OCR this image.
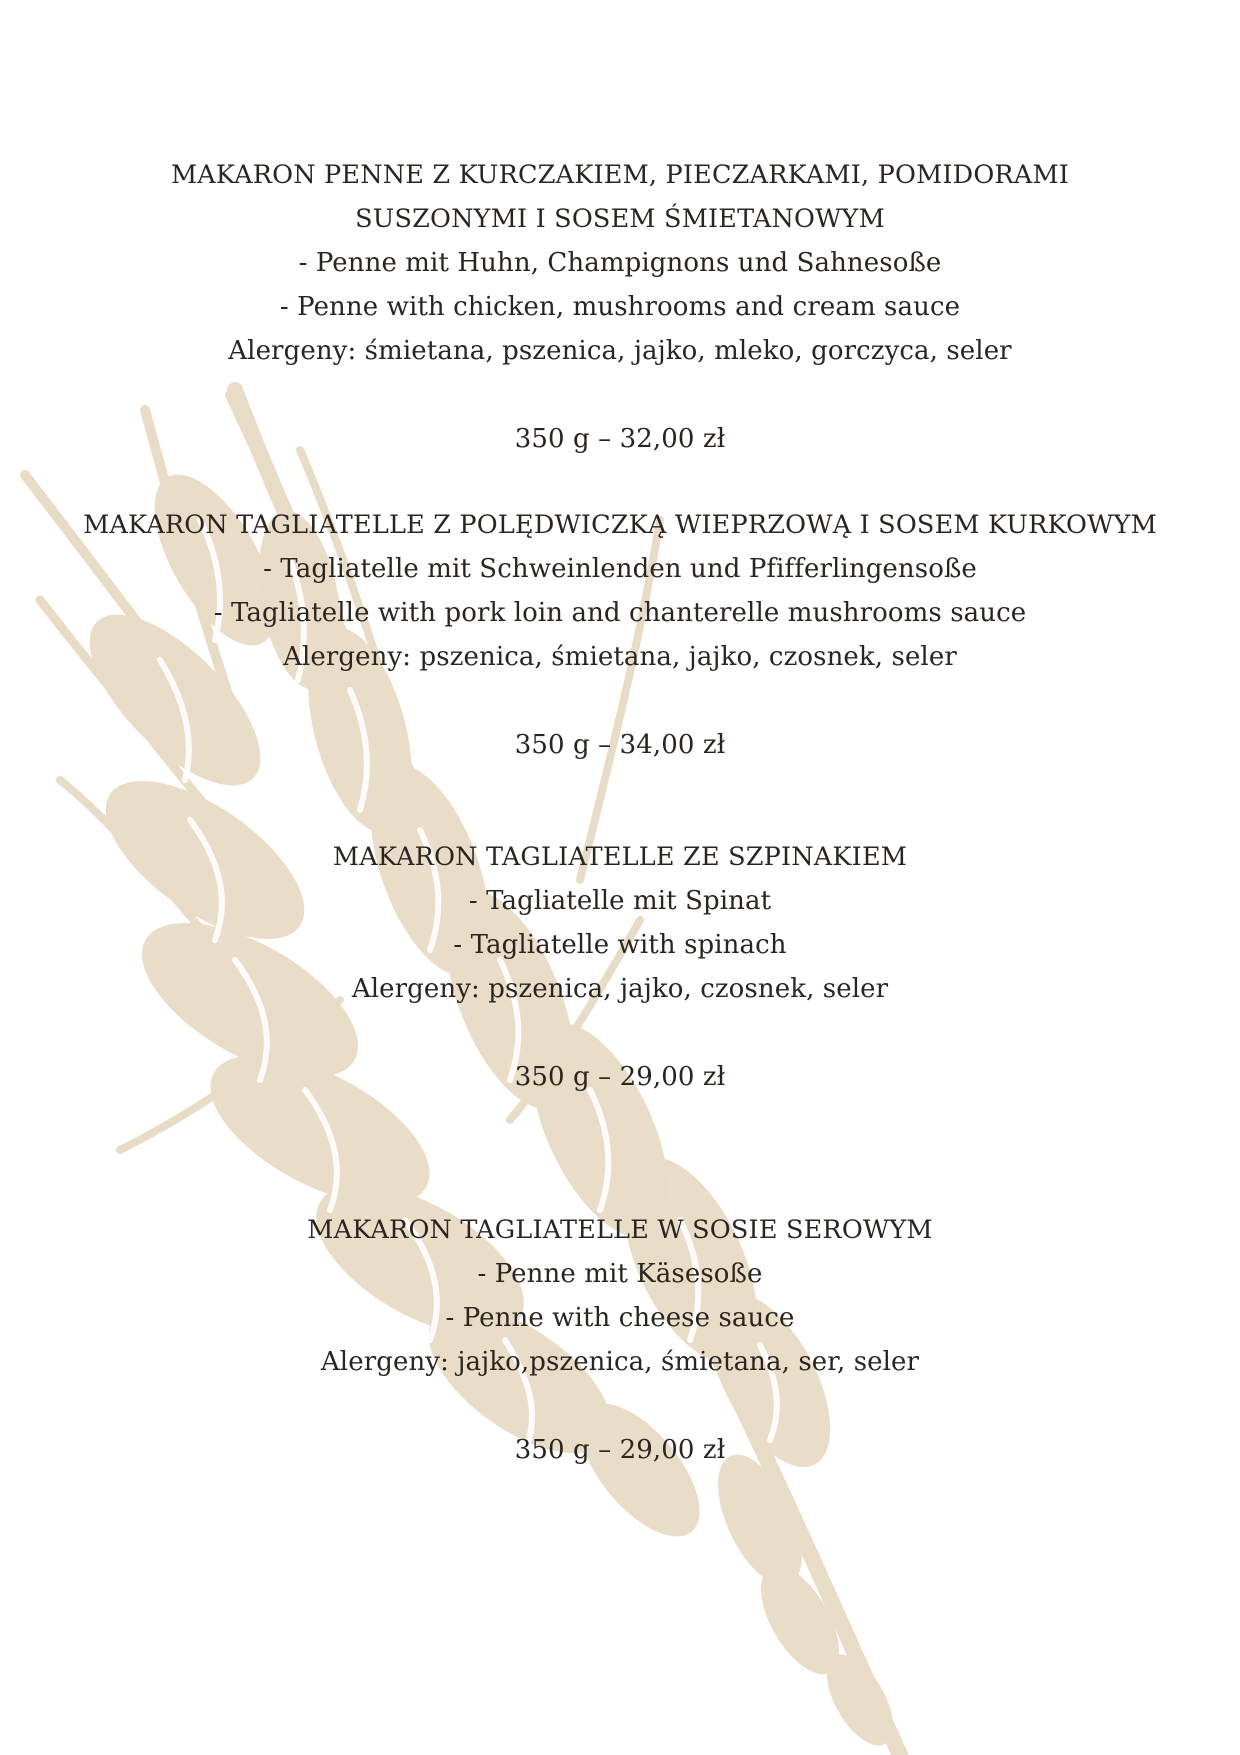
MAKARON PENNE Z KURCZAKIEM, PIECZARKAMI, POMIDORAMI

SUSZONYMI I SOSEM ŚMIETANOWYM

- Penne mit Huhn, Champignons und Sahnesoße

- Penne with chicken, mushrooms and cream sauce

Alergeny: śmietana, pszenica, jajko, mleko, gorczyca, seler

350 g – 32,00 zł

MAKARON TAGLIATELLE Z POLĘDWICZKĄ WIEPRZOWĄ I SOSEM KURKOWYM

- Tagliatelle mit Schweinlenden und Pfifferlingensoße

- Tagliatelle with pork loin and chanterelle mushrooms sauce

Alergeny: pszenica, śmietana, jajko, czosnek, seler

350 g – 34,00 zł

MAKARON TAGLIATELLE ZE SZPINAKIEM

- Tagliatelle mit Spinat

- Tagliatelle with spinach

Alergeny: pszenica, jajko, czosnek, seler

350 g – 29,00 zł

MAKARON TAGLIATELLE W SOSIE SEROWYM

- Penne mit Käsesoße

- Penne with cheese sauce

Alergeny: jajko,pszenica, śmietana, ser, seler

350 g – 29,00 zł
